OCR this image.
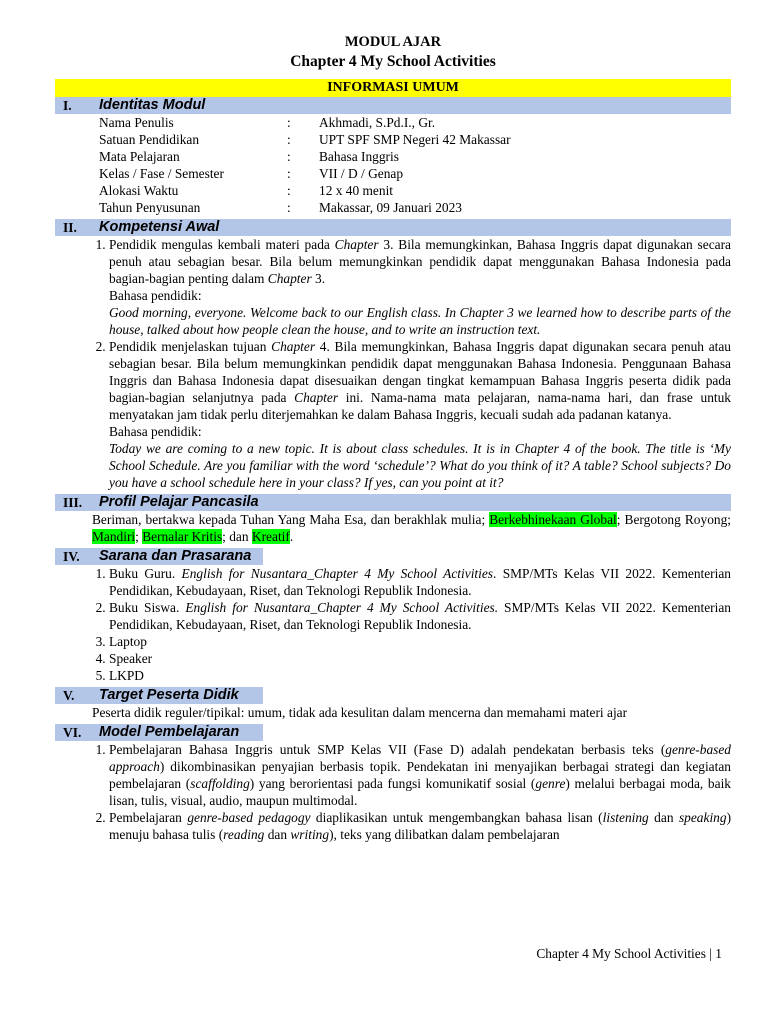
MODUL AJAR
Chapter 4 My School Activities
INFORMASI UMUM
I.	Identitas Modul
Nama Penulis	:	Akhmadi, S.Pd.I., Gr.
Satuan Pendidikan	:	UPT SPF SMP Negeri 42 Makassar
Mata Pelajaran	:	Bahasa Inggris
Kelas / Fase / Semester	:	VII / D / Genap
Alokasi Waktu	:	12 x 40 menit
Tahun Penyusunan	:	Makassar, 09 Januari 2023
II.	Kompetensi Awal

1. Pendidik mengulas kembali materi pada Chapter 3. Bila memungkinkan, Bahasa Inggris dapat digunakan secara penuh atau sebagian besar. Bila belum memungkinkan pendidik dapat menggunakan Bahasa Indonesia pada bagian-bagian penting dalam Chapter 3.

Bahasa pendidik:

Good morning, everyone. Welcome back to our English class. In Chapter 3 we learned how to describe parts of the house, talked about how people clean the house, and to write an instruction text.

2. Pendidik menjelaskan tujuan Chapter 4. Bila memungkinkan, Bahasa Inggris dapat digunakan secara penuh atau sebagian besar. Bila belum memungkinkan pendidik dapat menggunakan Bahasa Indonesia. Penggunaan Bahasa Inggris dan Bahasa Indonesia dapat disesuaikan dengan tingkat kemampuan Bahasa Inggris peserta didik pada bagian-bagian selanjutnya pada Chapter ini. Nama-nama mata pelajaran, nama-nama hari, dan frase untuk menyatakan jam tidak perlu diterjemahkan ke dalam Bahasa Inggris, kecuali sudah ada padanan katanya.

Bahasa pendidik:

Today we are coming to a new topic. It is about class schedules. It is in Chapter 4 of the book. The title is ‘My School Schedule. Are you familiar with the word ‘schedule’? What do you think of it? A table? School subjects? Do you have a school schedule here in your class? If yes, can you point at it?

III.	Profil Pelajar Pancasila

Beriman, bertakwa kepada Tuhan Yang Maha Esa, dan berakhlak mulia; Berkebhinekaan Global; Bergotong Royong; Mandiri; Bernalar Kritis; dan Kreatif.

IV.	Sarana dan Prasarana
1. Buku Guru. English for Nusantara_Chapter 4 My School Activities. SMP/MTs Kelas VII 2022. Kementerian Pendidikan, Kebudayaan, Riset, dan Teknologi Republik Indonesia.
2. Buku Siswa. English for Nusantara_Chapter 4 My School Activities. SMP/MTs Kelas VII 2022. Kementerian Pendidikan, Kebudayaan, Riset, dan Teknologi Republik Indonesia.
3. Laptop
4. Speaker
5. LKPD
V.	Target Peserta Didik

Peserta didik reguler/tipikal: umum, tidak ada kesulitan dalam mencerna dan memahami materi ajar

VI.	Model Pembelajaran
1. Pembelajaran Bahasa Inggris untuk SMP Kelas VII (Fase D) adalah pendekatan berbasis teks (genre-based approach) dikombinasikan penyajian berbasis topik. Pendekatan ini menyajikan berbagai strategi dan kegiatan pembelajaran (scaffolding) yang berorientasi pada fungsi komunikatif sosial (genre) melalui berbagai moda, baik lisan, tulis, visual, audio, maupun multimodal.
2. Pembelajaran genre-based pedagogy diaplikasikan untuk mengembangkan bahasa lisan (listening dan speaking) menuju bahasa tulis (reading dan writing), teks yang dilibatkan dalam pembelajaran
Chapter 4 My School Activities | 1
